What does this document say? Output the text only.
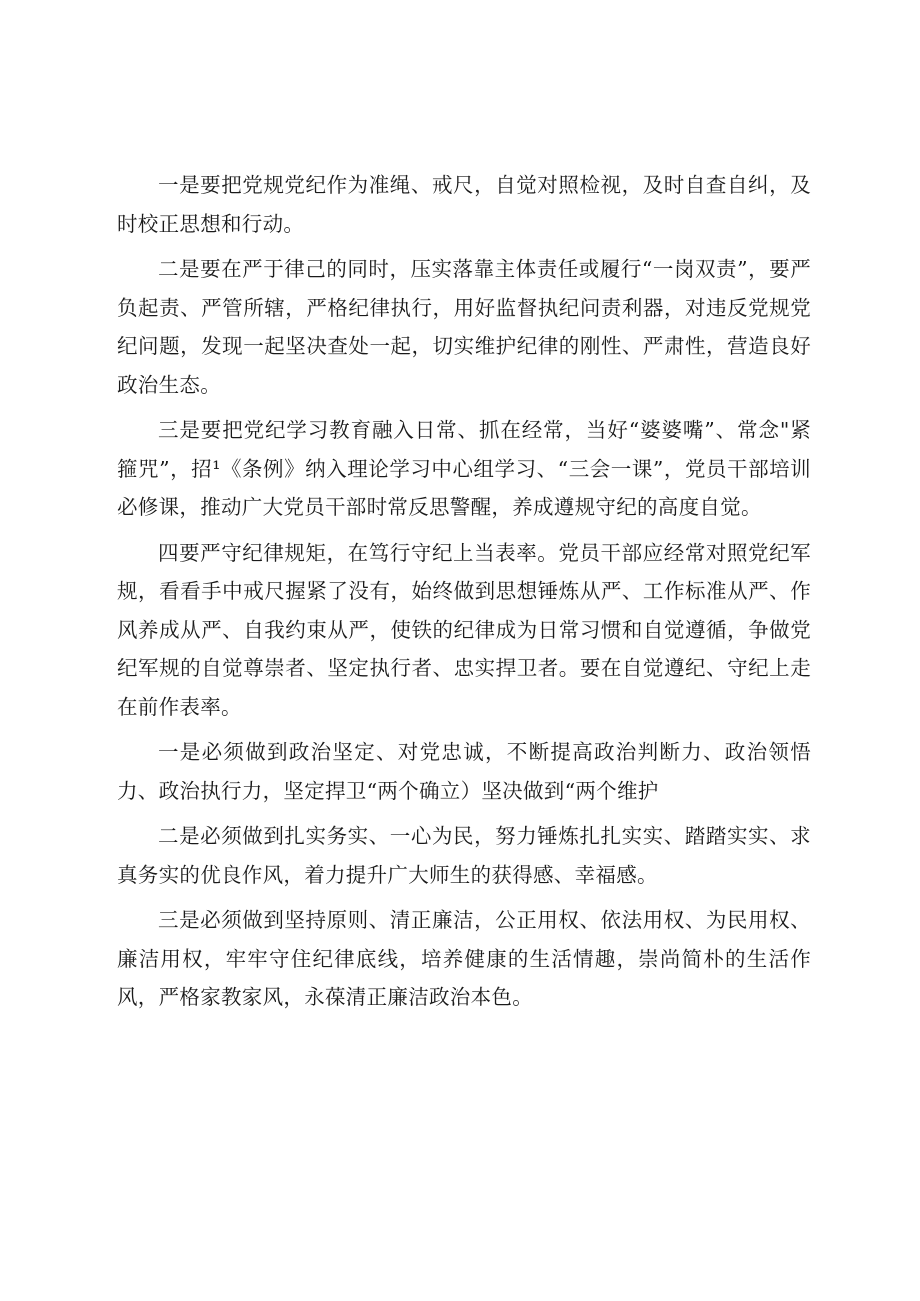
一是要把党规党纪作为准绳、戒尺，自觉对照检视，及时自查自纠，及时校正思想和行动。

二是要在严于律己的同时，压实落靠主体责任或履行“一岗双责”，要严负起责、严管所辖，严格纪律执行，用好监督执纪问责利器，对违反党规党纪问题，发现一起坚决查处一起，切实维护纪律的刚性、严肃性，营造良好政治生态。

三是要把党纪学习教育融入日常、抓在经常，当好“婆婆嘴”、常念"紧箍咒”，招¹《条例》纳入理论学习中心组学习、“三会一课”，党员干部培训必修课，推动广大党员干部时常反思警醒，养成遵规守纪的高度自觉。

四要严守纪律规矩，在笃行守纪上当表率。党员干部应经常对照党纪军规，看看手中戒尺握紧了没有，始终做到思想锤炼从严、工作标准从严、作风养成从严、自我约束从严，使铁的纪律成为日常习惯和自觉遵循，争做党纪军规的自觉尊崇者、坚定执行者、忠实捍卫者。要在自觉遵纪、守纪上走在前作表率。

一是必须做到政治坚定、对党忠诚，不断提高政治判断力、政治领悟力、政治执行力，坚定捍卫“两个确立）坚决做到“两个维护

二是必须做到扎实务实、一心为民，努力锤炼扎扎实实、踏踏实实、求真务实的优良作风，着力提升广大师生的获得感、幸福感。

三是必须做到坚持原则、清正廉洁，公正用权、依法用权、为民用权、廉洁用权，牢牢守住纪律底线，培养健康的生活情趣，崇尚简朴的生活作风，严格家教家风，永葆清正廉洁政治本色。
